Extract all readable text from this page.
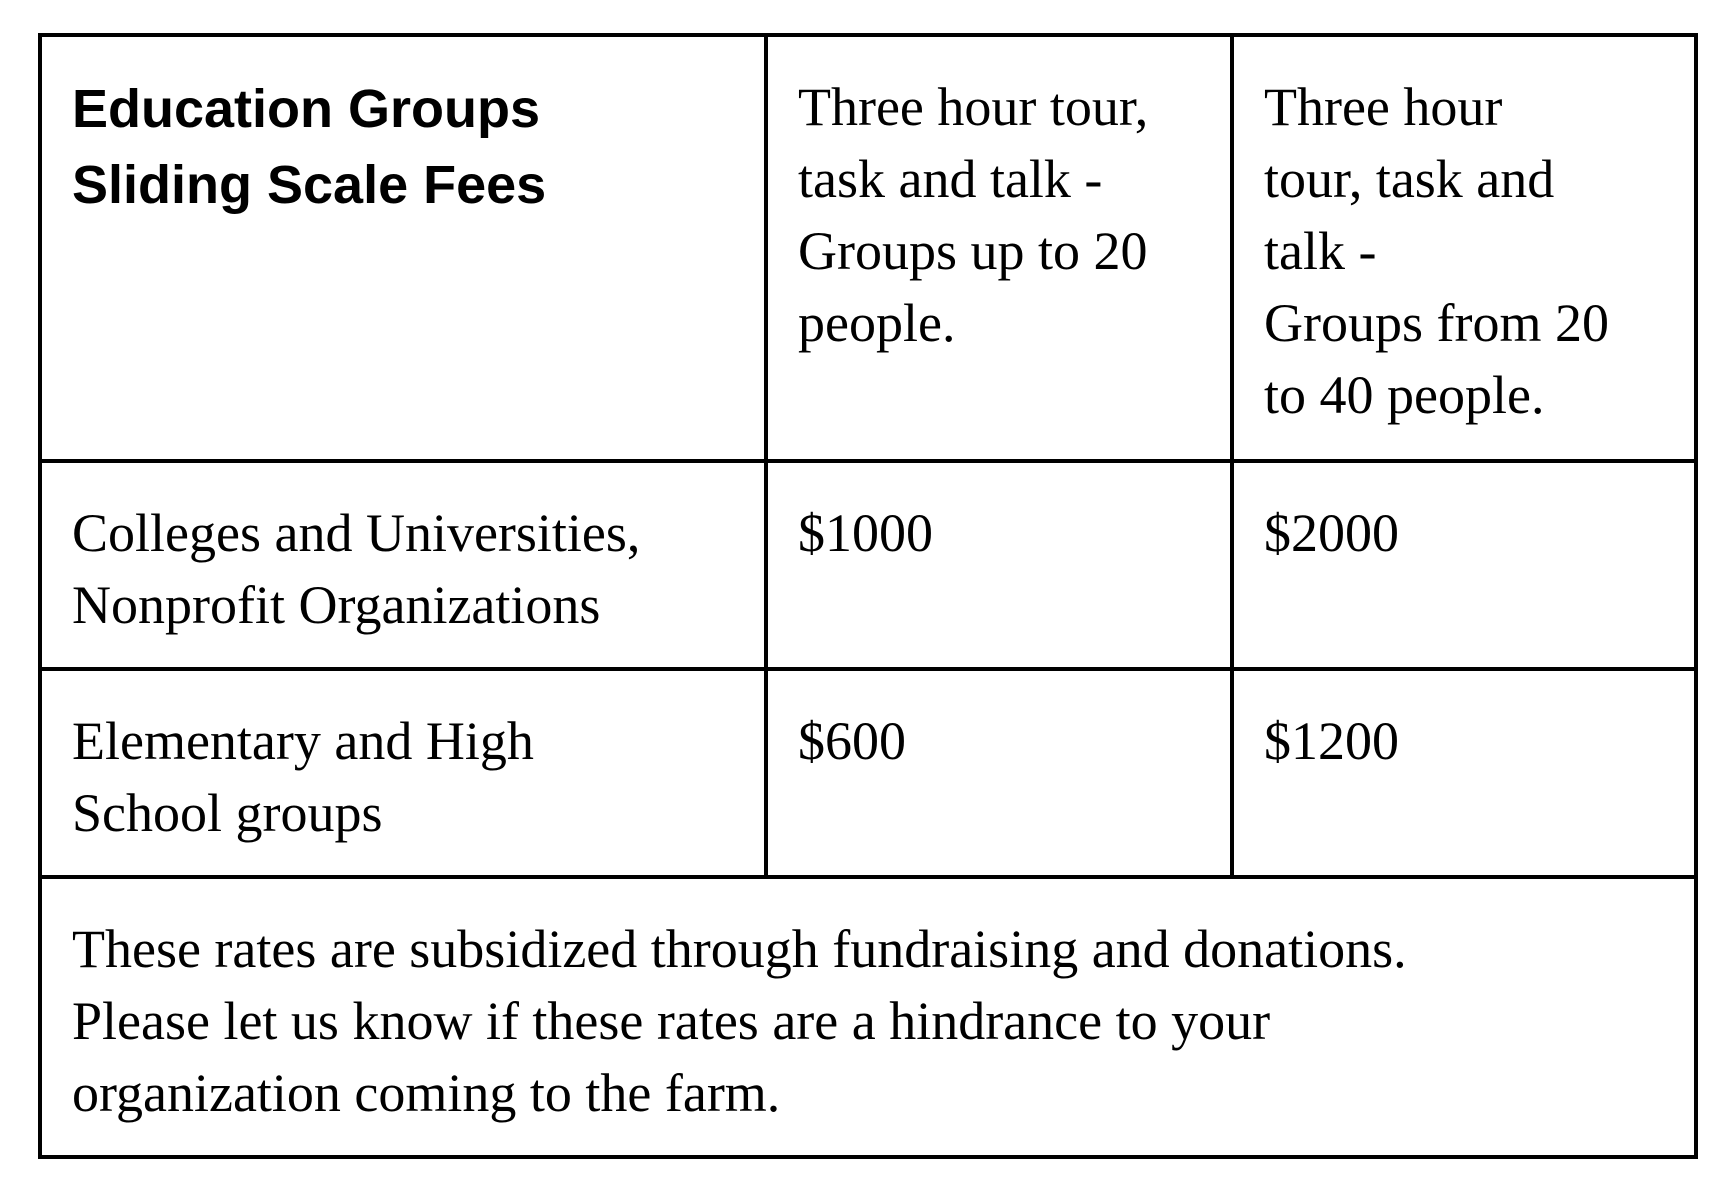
Education Groups
Sliding Scale Fees	Three hour tour,
task and talk -
Groups up to 20
people.	Three hour
tour, task and
talk -
Groups from 20
to 40 people.

Colleges and Universities,
Nonprofit Organizations	$1000	$2000

Elementary and High
School groups	$600	$1200

These rates are subsidized through fundraising and donations.
Please let us know if these rates are a hindrance to your
organization coming to the farm.		
